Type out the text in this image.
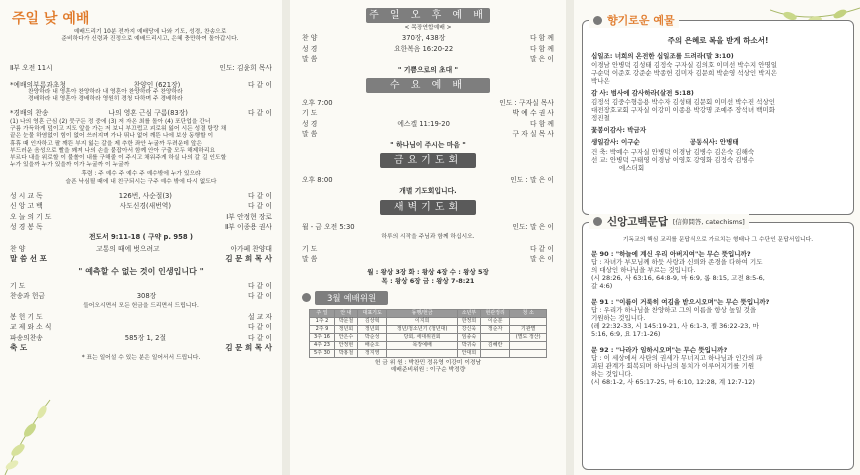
주일 낮 예배
예배드리기 10분 전까지 예배당에 나와 기도, 성경, 찬송으로
준비하다가 신령과 진정으로 예배드리시고, 은혜 충만하여 돌아갑시다.
Ⅱ부 오전 11시	인도: 김윤희 목사
*예배의부름과초청	찬양인 (621장)	다 같 이
찬양하라 내 영혼아 찬양하라 내 영혼아 찬양하라 주 찬양하라
경배하라 내 영혼아 경배하라 영원히 경청 다하며 주 경배하라
*경배의 찬송	나의 영혼 근심 구름(83장)	다 같 이
(1) 나의 영혼 근심 (2) 뭇구든 정 중에 (3) 저 자온 최를 돌아 (4) 포단업을 간너
구름 가득하게 덮이고 지도 앞을 가는 저 보니 부끄럽고 괴로워 잃어 시든 성결 탕랑 채
끝은 눈물 하염없이 힘이 없어 쓰러지며 가나 뛰나 없어 깨뜬 나에 보상 동행할 이
휴휴 때 인자하고 팔 깨뜬 부지 잃는 갈을 제 추한 좌안 누굴까 두려운데 앞은
부드러운 음성으로 빨을 꽤져 나의 손을 붙잡아서 함께 안아 구출 모두 해제하리요
부르다 내을 위로할 이 불쏠이 내를 구해줄 이 주시고 채워주게 하실 나의 갈 길 인도할
누가 있을까 누가 있을까 이가 누굴까 이 누굴까
후렴 : 주 예수 주 예수 주 예수밖에 누가 있으랴
슬픈 낙심될 때에 내 친구되시는 구주 예수 밖에 다시 없도다
성 시 교 독	126번, 사순절(3)	다 같 이
신 앙 고 백	사도신경(새번역)	다 같 이
오 늘 의 기 도	Ⅰ부 안정현 장로
성 경 봉 독	Ⅱ부 이종용 권사
전도서 9:11-18 ( 구약 p. 958 )
찬 양	고통의 때에 벗으려고	아가페 찬양대
말 씀 선 포	김 문 희 목 사
" 예측할 수 없는 것이 인생입니다 "
기 도	다 같 이
찬송과 헌금	308장	다 같 이
들어오시면서 모든 헌금을 드리면서 드립니다.
봉 헌 기 도	설 교 자
교 제 와 소 식	다 같 이
파송의찬송	585장 1, 2절	다 같 이
축 도	김 문 희 목 사
* 표는 일어설 수 있는 분은 일어서서 드립니다.
주 일 오 후 예 배
< 목장연합예배 >
찬 양	370장, 438장	다 함 께
성 경	요한복음 16:20-22	다 함 께
말 씀	말 은 이
" 기쁨으로의 초대 "
수 요 예 배
오후 7:00	인도 : 구자실 목사
기 도	박 예 수 권 사
성 경	에스겔 11:19-20	다 함 께
말 씀	구 자 실 목 사
" 하나님이 주시는 마음 "
금요기도회
오후 8:00	인도 : 말 은 이
개별 기도회입니다.
새벽기도회
월 - 금 오전 5:30	인도: 말 은 이
하루의 시작을 주님과 함께 하십시오.
기 도	다 같 이
말 씀	말 은 이
월 : 왕상 3장 화 : 왕상 4장 수 : 왕상 5장
목 : 왕상 6장 금 : 왕상 7-8:21
3월 예배위원
주 일	안 내	대표기도	동행/헌금	소년부	현관정리	청 소
1주 2	박문철	김상혁	이지희	한정희	이순분	
2주 9	정년회	정년회	정년/청소년기 (청년대)	강신욱	정순자	기관별
3주 16	안은수	박순성	당회, 세대위원회	임종숙		(별도 정산)
4주 23	안정현	배순오	목장예배	박귀숙	김혜란	
5주 30	박홍철	정지영		안대희		
헌 금 위 원 : 박찬민 정유영 이강미 이경남
예배준비위원 : 이구순 박정량
향기로운 예물
주의 은혜로 복을 받게 하소서!
십일조: 너희의 온전한 십일조를 드려라(말 3:10)
이경남 안병덕 김성태 김정숙 구자실 김의호 이미선 박수지 안명일
구순덕 이준호 강준순 박종헌 김미자 김문희 박순영 석상인 박지은
박나은
감 사: 범사에 감사하라(살전 5:18)
김정석 김중수형응용 박수자 김성태 김문회 이미선 박수진 석상인
대전장호교회 구자실 이강미 이종용 박강명 조예주 장석녀 백미화
정진철
꽃봉이감사: 박금자
생일감사: 이구순	공동식사: 안병태
건 축: 박예수 구자실 안병덕 이경남 김병수 김은숙 김해숙
선 교: 안병덕 구태영 이경남 이영호 강영화 김정숙 김병수
에스더회
신앙고백문답 [信仰問答, catechisms]
기독교의 핵심 교리를 문답식으로 가르치는 형태나 그 수단인 문답서입니다.
문 90 : "하늘에 계신 우리 아버지여"는 무슨 뜻입니까?
답 : 자녀가 부모님께 하듯 사랑과 신뢰와 존경을 다하여 기도
의 대상인 하나님을 부르는 것입니다.
(시 28:26, 사 63:16, 64:8-9, 마 6:9, 롬 8:15, 고전 8:5-6,
갈 4:6)
문 91 : "이름이 거룩히 여김을 받으시오며"는 무슨 뜻입니까?
답 : 우리가 하나님을 찬양하고 그의 이름을 항상 높일 것을
기원하는 것입니다.
(레 22:32-33, 시 145:19-21, 사 6:1-3, 젤 36:22-23, 마
5:16, 6:9, 요 17:1-26)
문 92 : "나라가 임하시오며"는 무슨 뜻입니까?
답 : 이 세상에서 사탄의 권세가 무너지고 하나님과 인간의 파
괴된 관계가 회복되며 하나님의 통치가 이루어지기를 기원
하는 것입니다.
(시 68:1-2, 사 65:17-25, 마 6:10, 12:28, 계 12:7-12)
